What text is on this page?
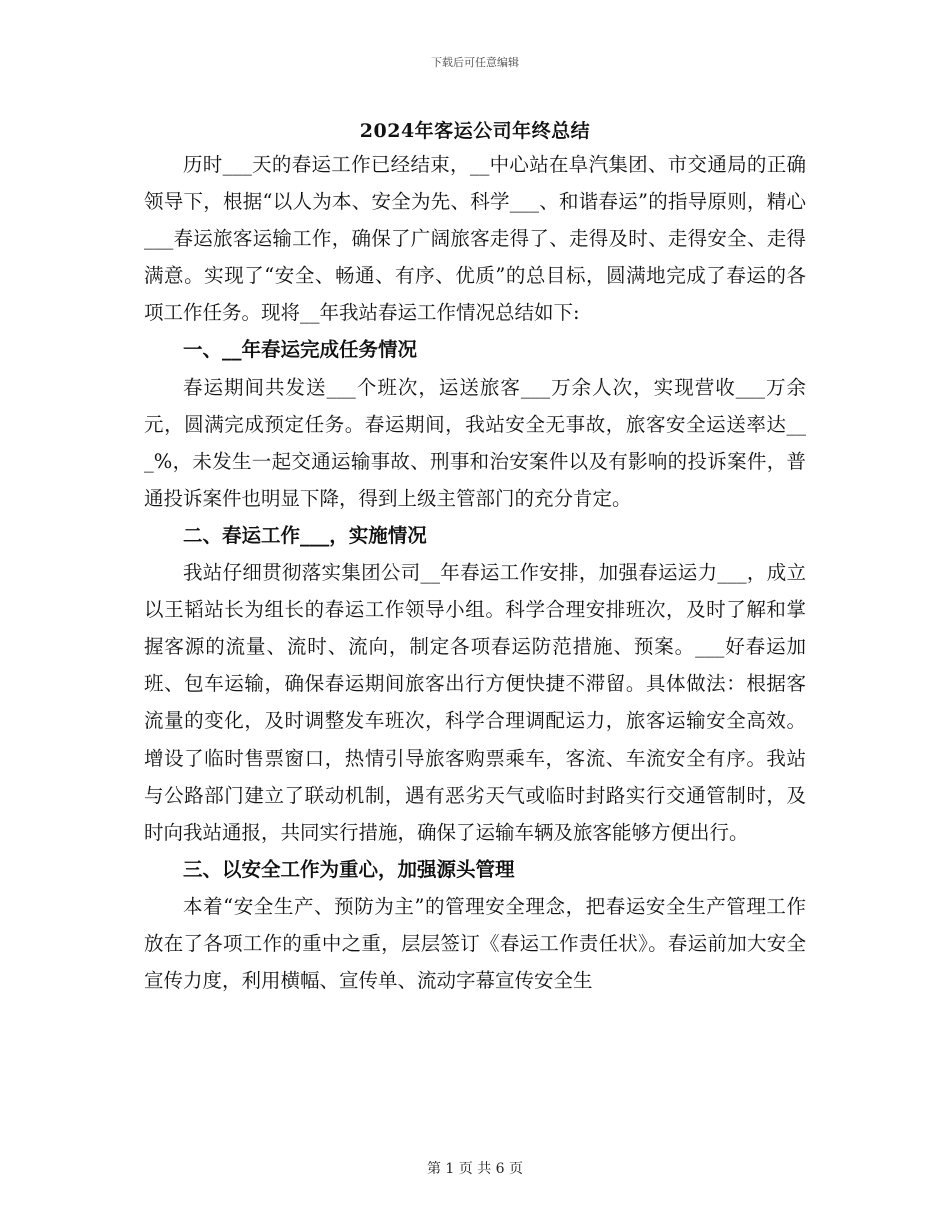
下载后可任意编辑
2024年客运公司年终总结

历时___天的春运工作已经结束，__中心站在阜汽集团、市交通局的正确领导下，根据“以人为本、安全为先、科学___、和谐春运”的指导原则，精心___春运旅客运输工作，确保了广阔旅客走得了、走得及时、走得安全、走得满意。实现了“安全、畅通、有序、优质”的总目标，圆满地完成了春运的各项工作任务。现将__年我站春运工作情况总结如下:

一、__年春运完成任务情况

春运期间共发送___个班次，运送旅客___万余人次，实现营收___万余元，圆满完成预定任务。春运期间，我站安全无事故，旅客安全运送率达___%，未发生一起交通运输事故、刑事和治安案件以及有影响的投诉案件，普通投诉案件也明显下降，得到上级主管部门的充分肯定。

二、春运工作___，实施情况

我站仔细贯彻落实集团公司__年春运工作安排，加强春运运力___，成立以王韬站长为组长的春运工作领导小组。科学合理安排班次，及时了解和掌握客源的流量、流时、流向，制定各项春运防范措施、预案。___好春运加班、包车运输，确保春运期间旅客出行方便快捷不滞留。具体做法：根据客流量的变化，及时调整发车班次，科学合理调配运力，旅客运输安全高效。增设了临时售票窗口，热情引导旅客购票乘车，客流、车流安全有序。我站与公路部门建立了联动机制，遇有恶劣天气或临时封路实行交通管制时，及时向我站通报，共同实行措施，确保了运输车辆及旅客能够方便出行。

三、以安全工作为重心，加强源头管理

本着“安全生产、预防为主”的管理安全理念，把春运安全生产管理工作放在了各项工作的重中之重，层层签订《春运工作责任状》。春运前加大安全宣传力度，利用横幅、宣传单、流动字幕宣传安全生

第 1 页 共 6 页
